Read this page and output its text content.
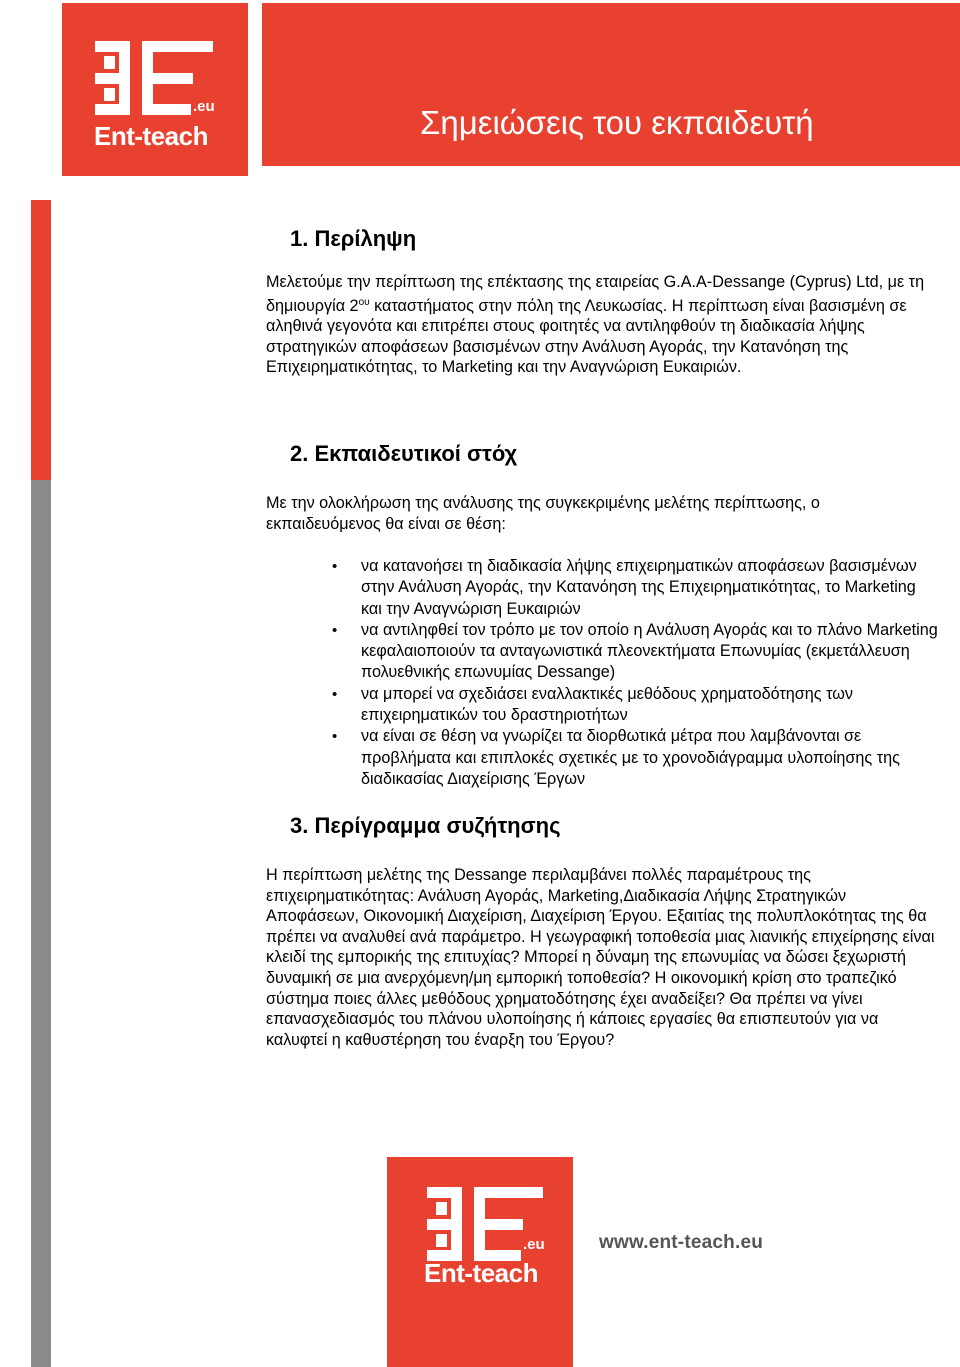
.eu
Ent-teach	Σημειώσεις του εκπαιδευτή
1. Περίληψη

Μελετούμε την περίπτωση της επέκτασης της εταιρείας G.A.A-Dessange (Cyprus) Ltd, με τη δημιουργία $2^{o\upsilon}$ καταστήματος στην πόλη της Λευκωσίας. Η περίπτωση είναι βασισμένη σε αληθινά γεγονότα και επιτρέπει στους φοιτητές να αντιληφθούν τη διαδικασία λήψης στρατηγικών αποφάσεων βασισμένων στην Ανάλυση Αγοράς, την Κατανόηση της Επιχειρηματικότητας, το Marketing και την Αναγνώριση Ευκαιριών.

2. Εκπαιδευτικοί στόχ

Με την ολοκλήρωση της ανάλυσης της συγκεκριμένης μελέτης περίπτωσης, ο εκπαιδευόμενος θα είναι σε θέση:

• να κατανοήσει τη διαδικασία λήψης επιχειρηματικών αποφάσεων βασισμένων στην Ανάλυση Αγοράς, την Κατανόηση της Επιχειρηματικότητας, το Marketing και την Αναγνώριση Ευκαιριών
• να αντιληφθεί τον τρόπο με τον οποίο η Ανάλυση Αγοράς και το πλάνο Marketing κεφαλαιοποιούν τα ανταγωνιστικά πλεονεκτήματα Επωνυμίας (εκμετάλλευση πολυεθνικής επωνυμίας Dessange)
• να μπορεί να σχεδιάσει εναλλακτικές μεθόδους χρηματοδότησης των επιχειρηματικών του δραστηριοτήτων
• να είναι σε θέση να γνωρίζει τα διορθωτικά μέτρα που λαμβάνονται σε προβλήματα και επιπλοκές σχετικές με το χρονοδιάγραμμα υλοποίησης της διαδικασίας Διαχείρισης Έργων
3. Περίγραμμα συζήτησης

Η περίπτωση μελέτης της Dessange περιλαμβάνει πολλές παραμέτρους της επιχειρηματικότητας: Ανάλυση Αγοράς, Marketing,Διαδικασία Λήψης Στρατηγικών Αποφάσεων, Οικονομική Διαχείριση, Διαχείριση Έργου. Εξαιτίας της πολυπλοκότητας της θα πρέπει να αναλυθεί ανά παράμετρο. Η γεωγραφική τοποθεσία μιας λιανικής επιχείρησης είναι κλειδί της εμπορικής της επιτυχίας? Μπορεί η δύναμη της επωνυμίας να δώσει ξεχωριστή δυναμική σε μια ανερχόμενη/μη εμπορική τοποθεσία? Η οικονομική κρίση στο τραπεζικό σύστημα ποιες άλλες μεθόδους χρηματοδότησης έχει αναδείξει? Θα πρέπει να γίνει επανασχεδιασμός του πλάνου υλοποίησης ή κάποιες εργασίες θα επισπευτούν για να καλυφτεί η καθυστέρηση του έναρξη του Έργου?

.eu
Ent-teach
www.ent-teach.eu
